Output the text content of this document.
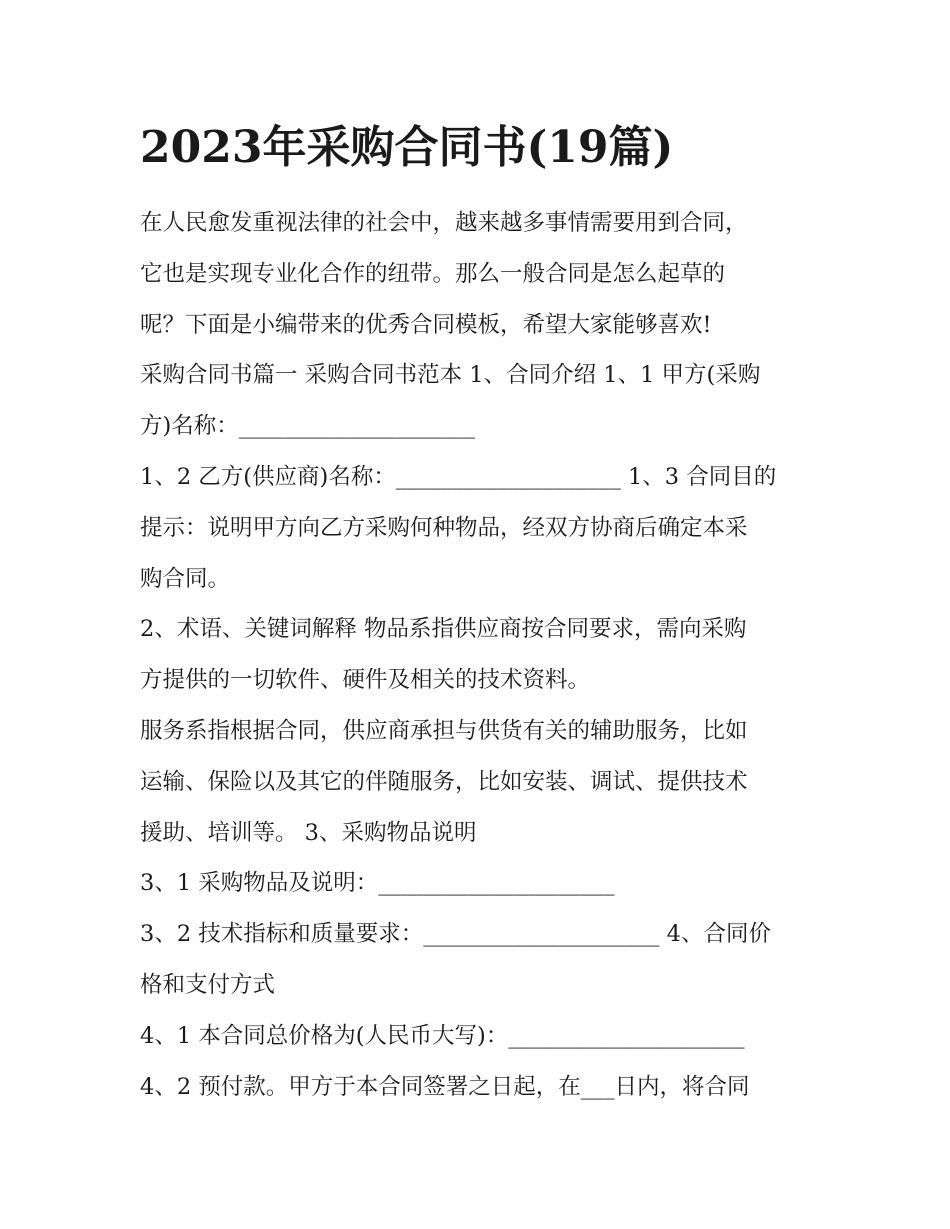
2023年采购合同书(19篇)
在人民愈发重视法律的社会中，越来越多事情需要用到合同，
它也是实现专业化合作的纽带。那么一般合同是怎么起草的
呢？下面是小编带来的优秀合同模板，希望大家能够喜欢!
采购合同书篇一 采购合同书范本 1、合同介绍 1、1 甲方(采购
方)名称：_____________________
1、2 乙方(供应商)名称：____________________ 1、3 合同目的
提示：说明甲方向乙方采购何种物品，经双方协商后确定本采
购合同。
2、术语、关键词解释 物品系指供应商按合同要求，需向采购
方提供的一切软件、硬件及相关的技术资料。
服务系指根据合同，供应商承担与供货有关的辅助服务，比如
运输、保险以及其它的伴随服务，比如安装、调试、提供技术
援助、培训等。 3、采购物品说明
3、1 采购物品及说明：_____________________
3、2 技术指标和质量要求：_____________________ 4、合同价
格和支付方式
4、1 本合同总价格为(人民币大写)：_____________________
4、2 预付款。甲方于本合同签署之日起，在___日内，将合同
